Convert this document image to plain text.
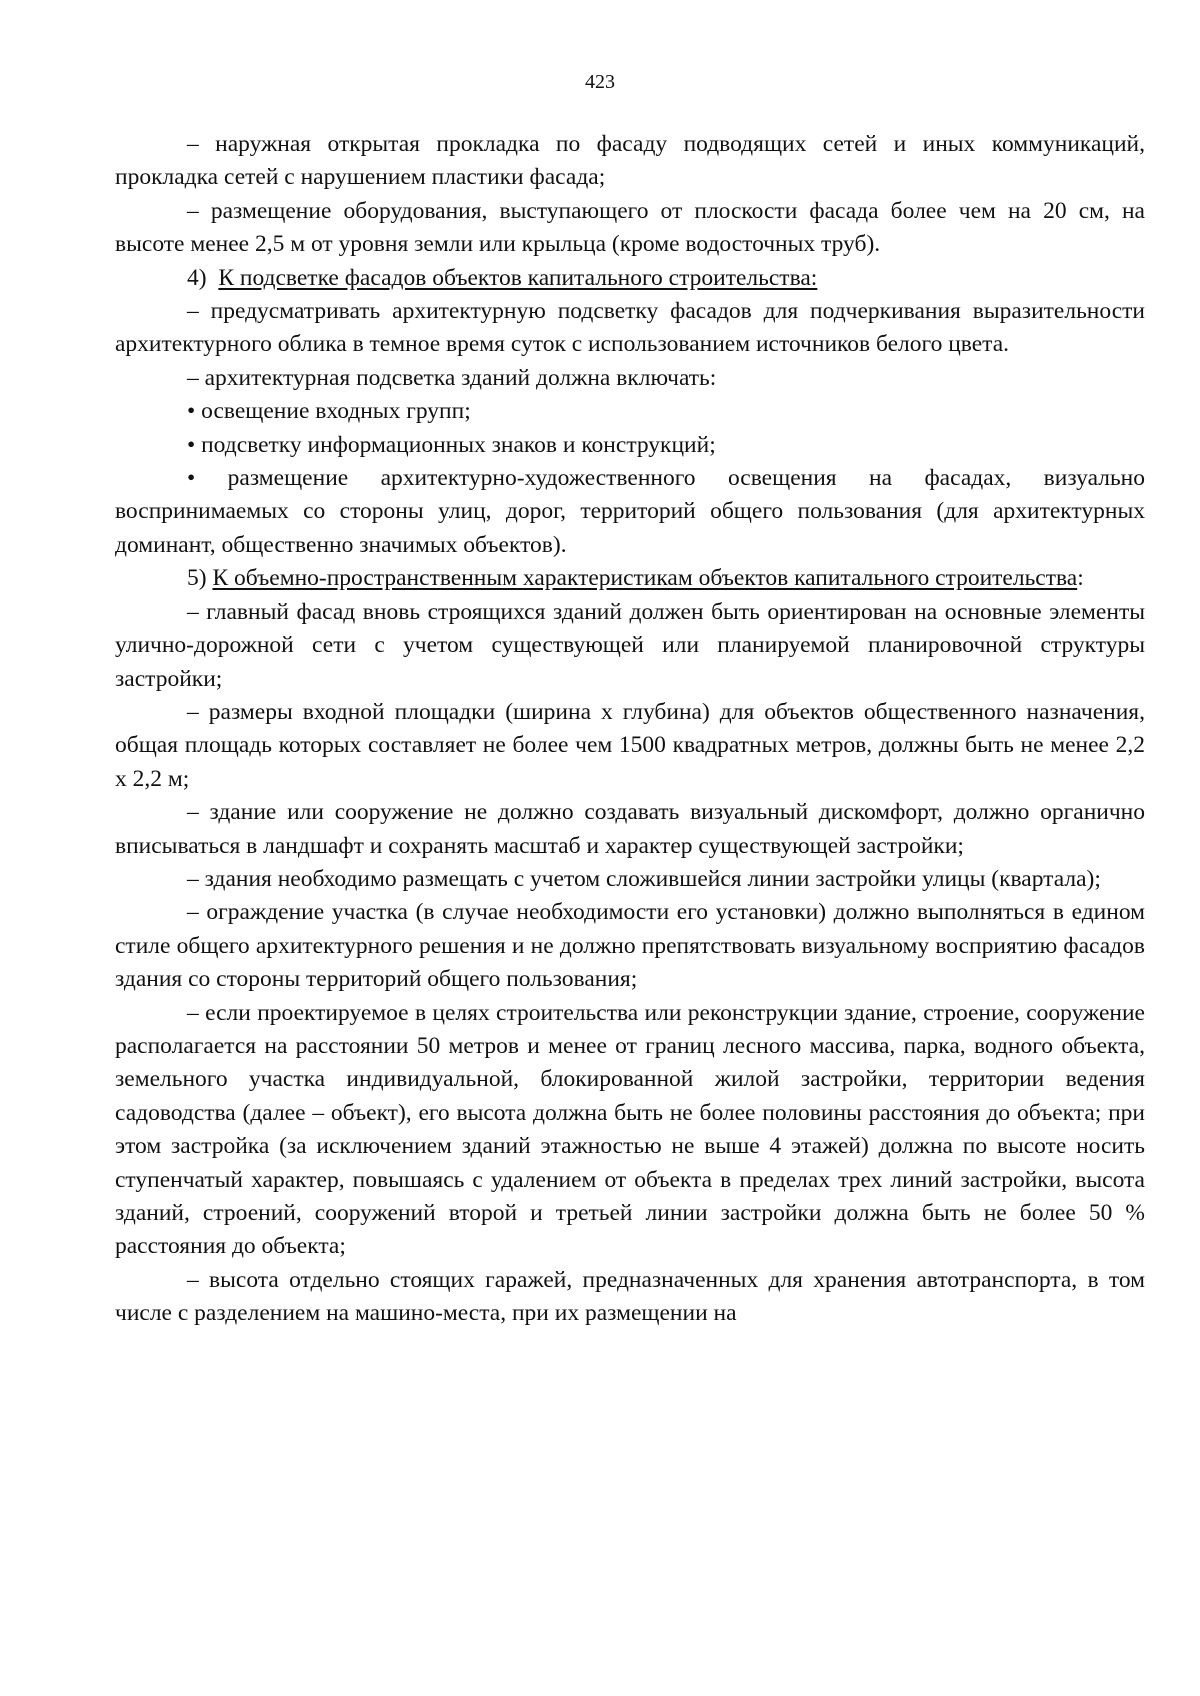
423

– наружная открытая прокладка по фасаду подводящих сетей и иных коммуникаций, прокладка сетей с нарушением пластики фасада;

– размещение оборудования, выступающего от плоскости фасада более чем на 20 см, на высоте менее 2,5 м от уровня земли или крыльца (кроме водосточных труб).

4) К подсветке фасадов объектов капитального строительства:

– предусматривать архитектурную подсветку фасадов для подчеркивания выразительности архитектурного облика в темное время суток с использованием источников белого цвета.

– архитектурная подсветка зданий должна включать:

• освещение входных групп;

• подсветку информационных знаков и конструкций;

• размещение архитектурно-художественного освещения на фасадах, визуально воспринимаемых со стороны улиц, дорог, территорий общего пользования (для архитектурных доминант, общественно значимых объектов).

5) К объемно-пространственным характеристикам объектов капитального строительства:

– главный фасад вновь строящихся зданий должен быть ориентирован на основные элементы улично-дорожной сети с учетом существующей или планируемой планировочной структуры застройки;

– размеры входной площадки (ширина х глубина) для объектов общественного назначения, общая площадь которых составляет не более чем 1500 квадратных метров, должны быть не менее 2,2 х 2,2 м;

– здание или сооружение не должно создавать визуальный дискомфорт, должно органично вписываться в ландшафт и сохранять масштаб и характер существующей застройки;

– здания необходимо размещать с учетом сложившейся линии застройки улицы (квартала);

– ограждение участка (в случае необходимости его установки) должно выполняться в едином стиле общего архитектурного решения и не должно препятствовать визуальному восприятию фасадов здания со стороны территорий общего пользования;

– если проектируемое в целях строительства или реконструкции здание, строение, сооружение располагается на расстоянии 50 метров и менее от границ лесного массива, парка, водного объекта, земельного участка индивидуальной, блокированной жилой застройки, территории ведения садоводства (далее – объект), его высота должна быть не более половины расстояния до объекта; при этом застройка (за исключением зданий этажностью не выше 4 этажей) должна по высоте носить ступенчатый характер, повышаясь с удалением от объекта в пределах трех линий застройки, высота зданий, строений, сооружений второй и третьей линии застройки должна быть не более 50 % расстояния до объекта;

– высота отдельно стоящих гаражей, предназначенных для хранения автотранспорта, в том числе с разделением на машино-места, при их размещении на
